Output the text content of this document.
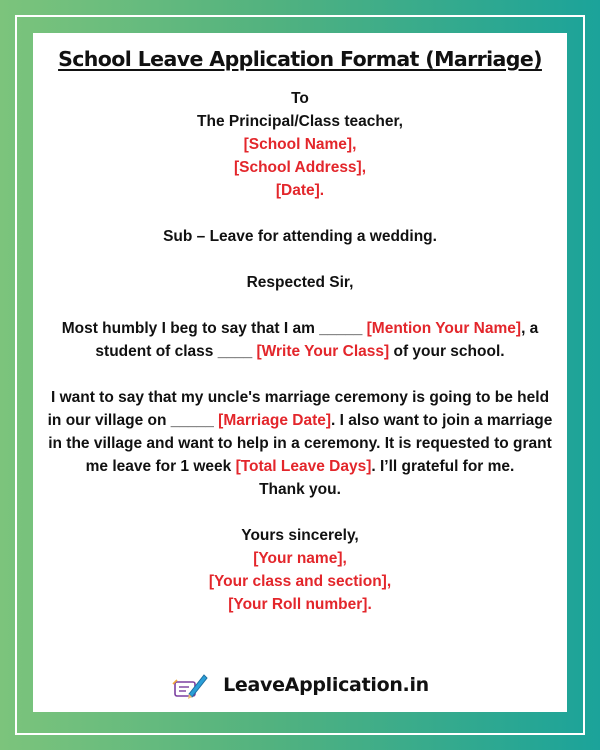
School Leave Application Format (Marriage)
To
The Principal/Class teacher,
[School Name],
[School Address],
[Date].
Sub – Leave for attending a wedding.
Respected Sir,
Most humbly I beg to say that I am _____ [Mention Your Name], a student of class ____ [Write Your Class] of your school.
I want to say that my uncle's marriage ceremony is going to be held in our village on _____ [Marriage Date]. I also want to join a marriage in the village and want to help in a ceremony. It is requested to grant me leave for 1 week [Total Leave Days]. I’ll grateful for me.
Thank you.
Yours sincerely,
[Your name],
[Your class and section],
[Your Roll number].
LeaveApplication.in
